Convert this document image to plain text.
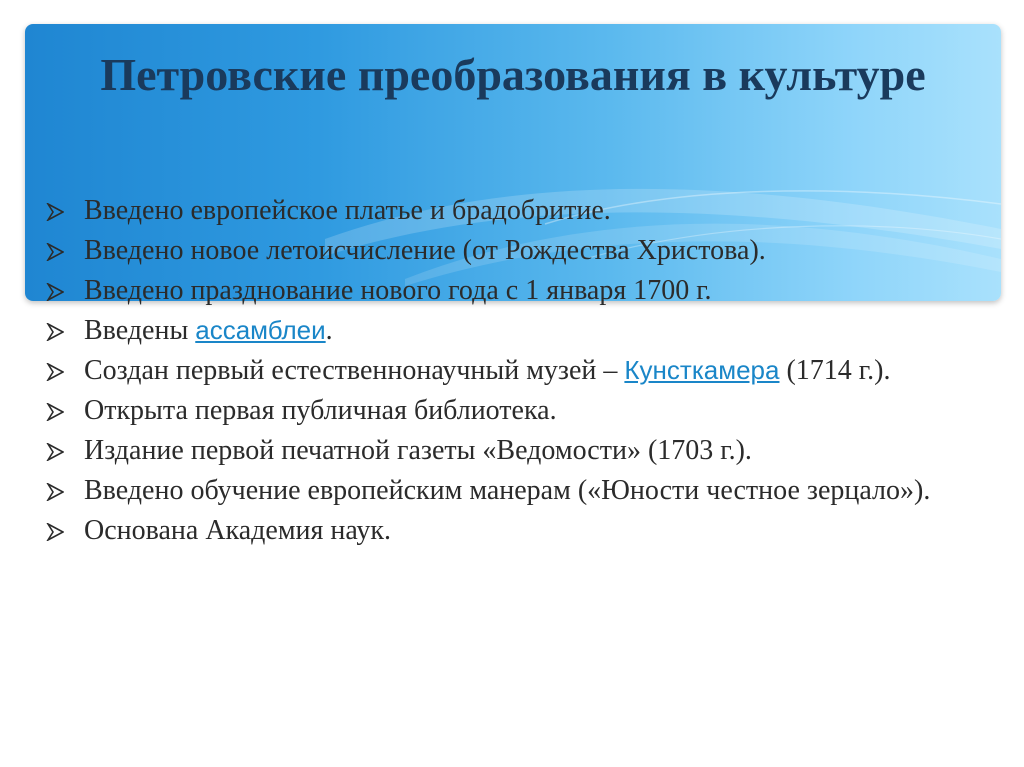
Петровские преобразования в культуре
Введено европейское платье и брадобритие.
Введено новое летоисчисление (от Рождества Христова).
Введено празднование нового года с 1 января 1700 г.
Введены ассамблеи.
Создан первый естественнонаучный музей – Кунсткамера (1714 г.).
Открыта первая публичная библиотека.
Издание первой печатной газеты «Ведомости» (1703 г.).
Введено обучение европейским манерам («Юности честное зерцало»).
Основана Академия наук.
